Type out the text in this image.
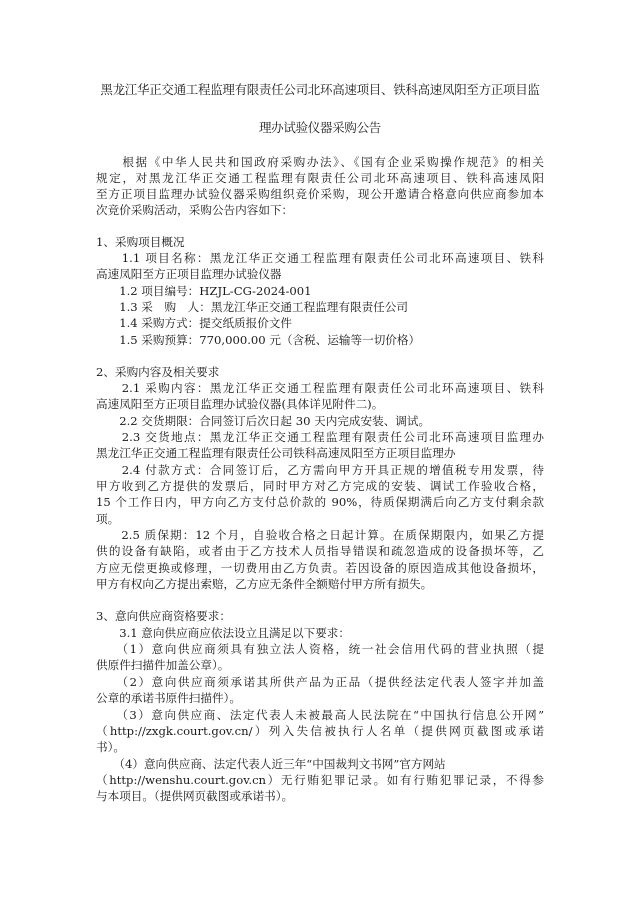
黑龙江华正交通工程监理有限责任公司北环高速项目、铁科高速凤阳至方正项目监
理办试验仪器采购公告
　　根据《中华人民共和国政府采购办法》、《国有企业采购操作规范》的相关
规定，对黑龙江华正交通工程监理有限责任公司北环高速项目、铁科高速凤阳
至方正项目监理办试验仪器采购组织竞价采购，现公开邀请合格意向供应商参加本
次竞价采购活动，采购公告内容如下：
1、采购项目概况
　　1.1 项目名称：黑龙江华正交通工程监理有限责任公司北环高速项目、铁科
高速凤阳至方正项目监理办试验仪器
　　1.2 项目编号：HZJL-CG-2024-001
　　1.3 采　购　人：黑龙江华正交通工程监理有限责任公司
　　1.4 采购方式：提交纸质报价文件
　　1.5 采购预算：770,000.00 元（含税、运输等一切价格）
2、采购内容及相关要求
　　2.1 采购内容：黑龙江华正交通工程监理有限责任公司北环高速项目、铁科
高速凤阳至方正项目监理办试验仪器(具体详见附件二)。
　　2.2 交货期限：合同签订后次日起 30 天内完成安装、调试。
　　2.3 交货地点：黑龙江华正交通工程监理有限责任公司北环高速项目监理办
黑龙江华正交通工程监理有限责任公司铁科高速凤阳至方正项目监理办
　　2.4 付款方式：合同签订后，乙方需向甲方开具正规的增值税专用发票，待
甲方收到乙方提供的发票后，同时甲方对乙方完成的安装、调试工作验收合格，
15 个工作日内，甲方向乙方支付总价款的 90%，待质保期满后向乙方支付剩余款
项。
　　2.5 质保期：12 个月，自验收合格之日起计算。在质保期限内，如果乙方提
供的设备有缺陷，或者由于乙方技术人员指导错误和疏忽造成的设备损坏等，乙
方应无偿更换或修理，一切费用由乙方负责。若因设备的原因造成其他设备损坏，
甲方有权向乙方提出索赔，乙方应无条件全额赔付甲方所有损失。
3、意向供应商资格要求：
　　3.1 意向供应商应依法设立且满足以下要求：
　　（1）意向供应商须具有独立法人资格，统一社会信用代码的营业执照（提
供原件扫描件加盖公章）。
　　（2）意向供应商须承诺其所供产品为正品（提供经法定代表人签字并加盖
公章的承诺书原件扫描件）。
　　（3）意向供应商、法定代表人未被最高人民法院在“中国执行信息公开网”
（http://zxgk.court.gov.cn/）列入失信被执行人名单（提供网页截图或承诺
书）。
　　（4）意向供应商、法定代表人近三年“中国裁判文书网”官方网站
（http://wenshu.court.gov.cn）无行贿犯罪记录。如有行贿犯罪记录，不得参
与本项目。（提供网页截图或承诺书）。
